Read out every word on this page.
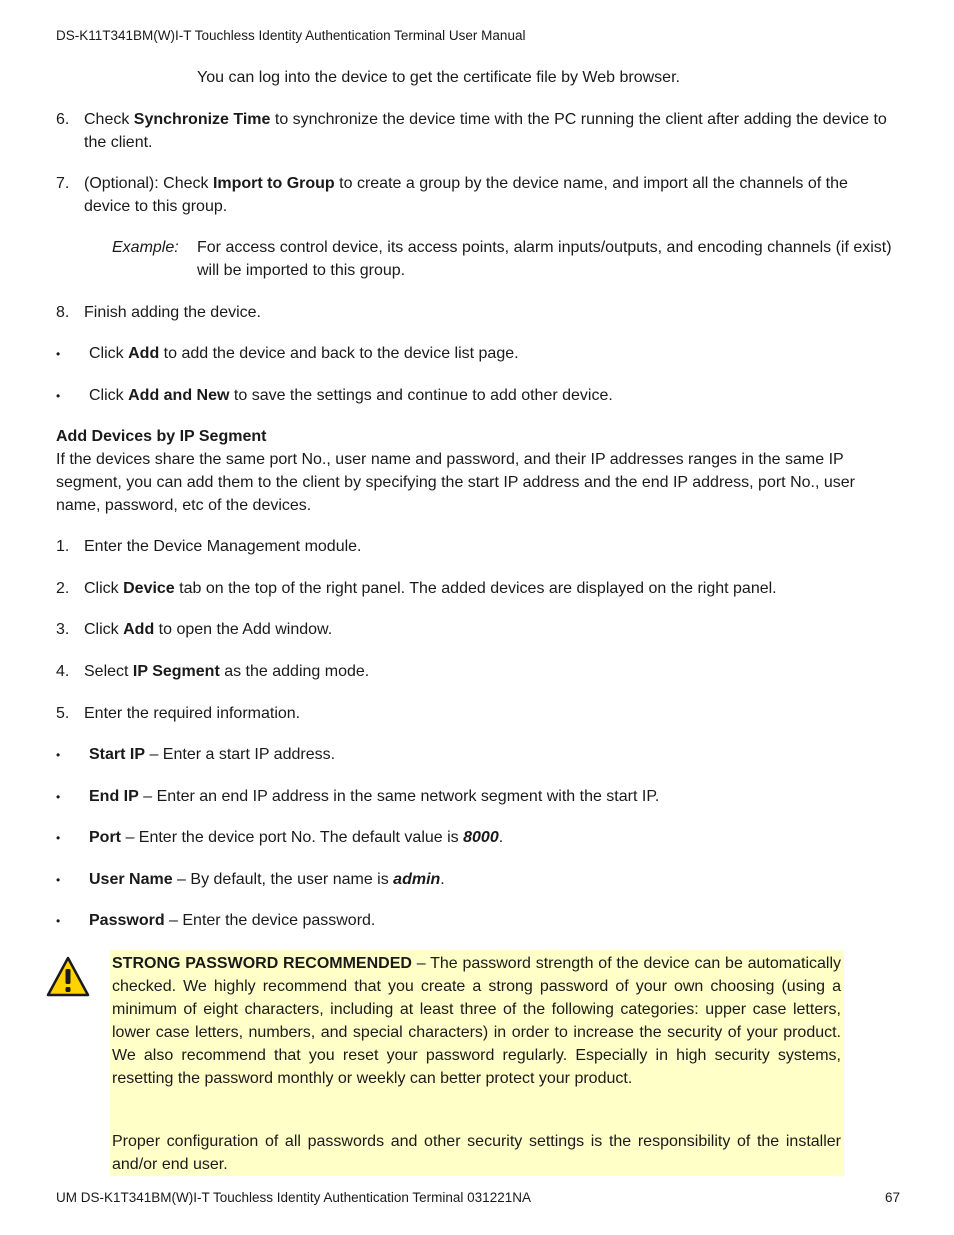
DS-K11T341BM(W)I-T Touchless Identity Authentication Terminal User Manual
You can log into the device to get the certificate file by Web browser.
6. Check Synchronize Time to synchronize the device time with the PC running the client after adding the device to the client.
7. (Optional): Check Import to Group to create a group by the device name, and import all the channels of the device to this group.
Example: For access control device, its access points, alarm inputs/outputs, and encoding channels (if exist) will be imported to this group.
8. Finish adding the device.
•	Click Add to add the device and back to the device list page.
•	Click Add and New to save the settings and continue to add other device.
Add Devices by IP Segment
If the devices share the same port No., user name and password, and their IP addresses ranges in the same IP segment, you can add them to the client by specifying the start IP address and the end IP address, port No., user name, password, etc of the devices.
1. Enter the Device Management module.
2. Click Device tab on the top of the right panel. The added devices are displayed on the right panel.
3. Click Add to open the Add window.
4. Select IP Segment as the adding mode.
5. Enter the required information.
•	Start IP – Enter a start IP address.
•	End IP – Enter an end IP address in the same network segment with the start IP.
•	Port – Enter the device port No. The default value is 8000.
•	User Name – By default, the user name is admin.
•	Password – Enter the device password.
STRONG PASSWORD RECOMMENDED – The password strength of the device can be automatically checked. We highly recommend that you create a strong password of your own choosing (using a minimum of eight characters, including at least three of the following categories: upper case letters, lower case letters, numbers, and special characters) in order to increase the security of your product. We also recommend that you reset your password regularly. Especially in high security systems, resetting the password monthly or weekly can better protect your product.
Proper configuration of all passwords and other security settings is the responsibility of the installer and/or end user.
UM DS-K1T341BM(W)I-T Touchless Identity Authentication Terminal 031221NA	67
